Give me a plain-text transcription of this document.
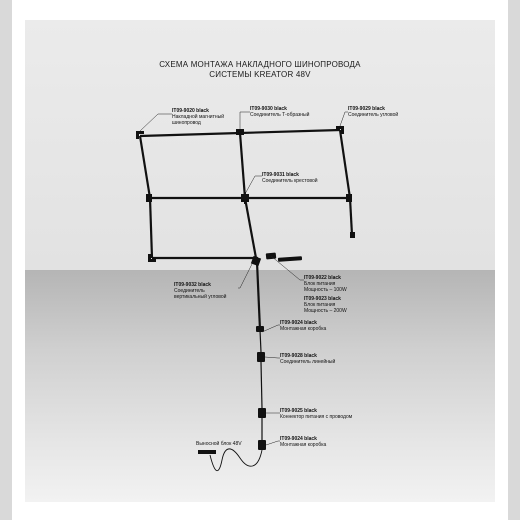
СХЕМА МОНТАЖА НАКЛАДНОГО ШИНОПРОВОДА
СИСТЕМЫ KREATOR 48V
IT09-9020 black
Накладной магнитный
шинопровод
IT09-9030 black
Соединитель Т-образный
IT09-9029 black
Соединитель угловой
IT09-9031 black
Соединитель крестовой
IT09-9032 black
Соединитель
вертикальный угловой
IT09-9022 black
Блок питания
Мощность – 100W
IT09-9023 black
Блок питания
Мощность – 200W
IT09-9024 black
Монтажная коробка
IT09-9028 black
Соединитель линейный
IT09-9025 black
Коннектор питания с проводом
IT09-9024 black
Монтажная коробка
Выносной блок 48V
